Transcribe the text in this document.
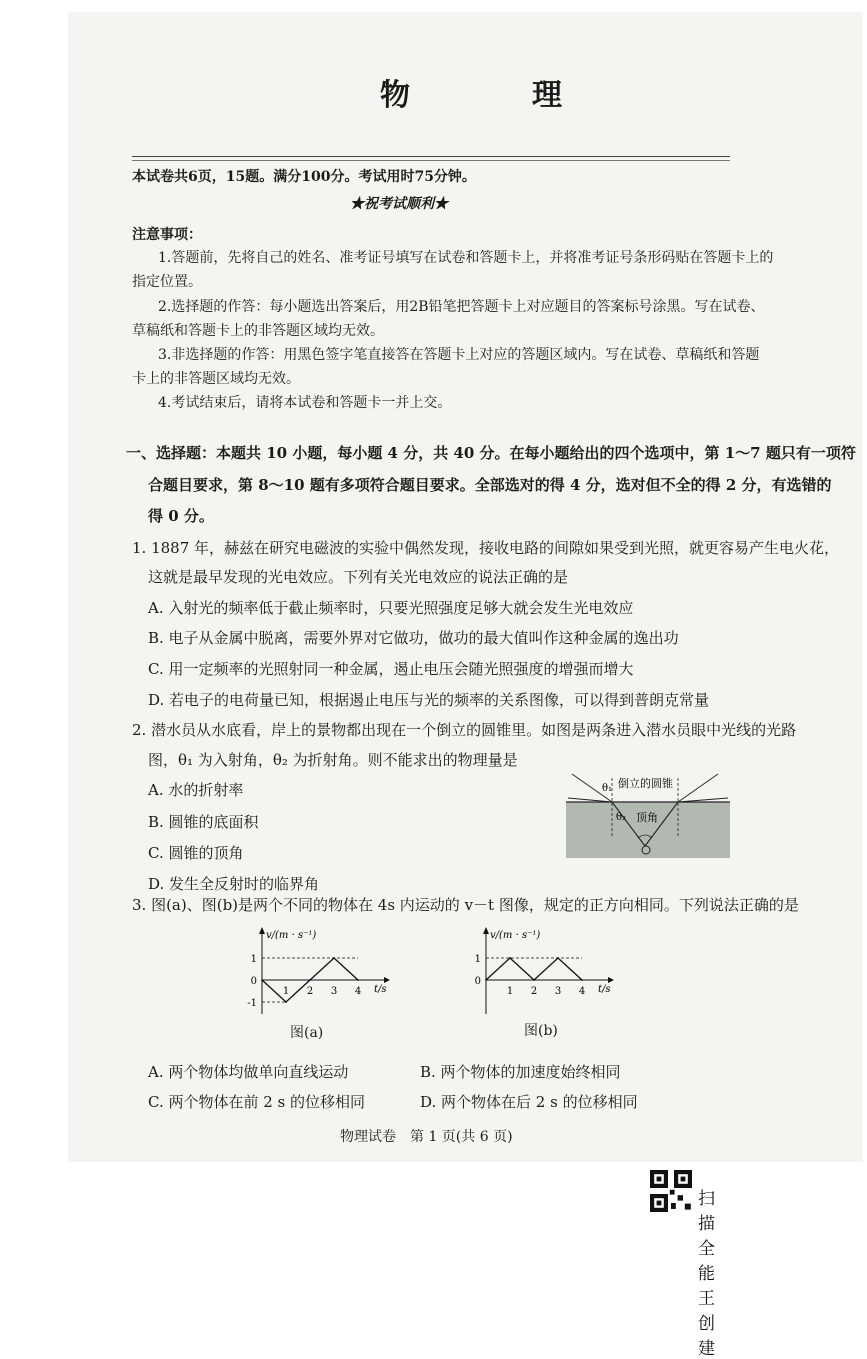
物　理
本试卷共6页，15题。满分100分。考试用时75分钟。
★祝考试顺利★
注意事项：
1.答题前，先将自己的姓名、准考证号填写在试卷和答题卡上，并将准考证号条形码贴在答题卡上的
指定位置。
2.选择题的作答：每小题选出答案后，用2B铅笔把答题卡上对应题目的答案标号涂黑。写在试卷、
草稿纸和答题卡上的非答题区域均无效。
3.非选择题的作答：用黑色签字笔直接答在答题卡上对应的答题区域内。写在试卷、草稿纸和答题
卡上的非答题区域均无效。
4.考试结束后，请将本试卷和答题卡一并上交。
一、选择题：本题共 10 小题，每小题 4 分，共 40 分。在每小题给出的四个选项中，第 1～7 题只有一项符
合题目要求，第 8～10 题有多项符合题目要求。全部选对的得 4 分，选对但不全的得 2 分，有选错的
得 0 分。
1. 1887 年，赫兹在研究电磁波的实验中偶然发现，接收电路的间隙如果受到光照，就更容易产生电火花，
这就是最早发现的光电效应。下列有关光电效应的说法正确的是
A. 入射光的频率低于截止频率时，只要光照强度足够大就会发生光电效应
B. 电子从金属中脱离，需要外界对它做功，做功的最大值叫作这种金属的逸出功
C. 用一定频率的光照射同一种金属，遏止电压会随光照强度的增强而增大
D. 若电子的电荷量已知，根据遏止电压与光的频率的关系图像，可以得到普朗克常量
2. 潜水员从水底看，岸上的景物都出现在一个倒立的圆锥里。如图是两条进入潜水员眼中光线的光路
图，θ₁ 为入射角，θ₂ 为折射角。则不能求出的物理量是
A. 水的折射率
B. 圆锥的底面积
C. 圆锥的顶角
D. 发生全反射时的临界角
θ₁
θ₂
倒立的圆锥
顶角
3. 图(a)、图(b)是两个不同的物体在 4s 内运动的 v－t 图像，规定的正方向相同。下列说法正确的是
v/(m · s⁻¹)
t/s
1
0
-1
1 2 3 4
v/(m · s⁻¹)
t/s
1
0
1 2 3 4
图(a)	图(b)
A. 两个物体均做单向直线运动	B. 两个物体的加速度始终相同
C. 两个物体在前 2 s 的位移相同	D. 两个物体在后 2 s 的位移相同
物理试卷　第 1 页(共 6 页)
扫描全能王 创建
